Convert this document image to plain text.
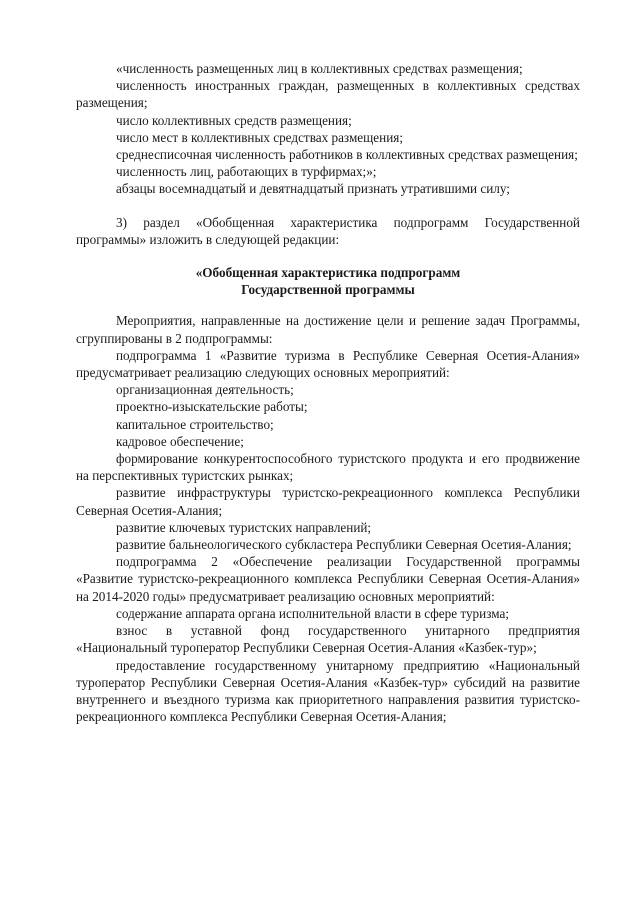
«численность размещенных лиц в коллективных средствах размещения;

численность иностранных граждан, размещенных в коллективных средствах размещения;

число коллективных средств размещения;

число мест в коллективных средствах размещения;

среднесписочная численность работников в коллективных средствах размещения;

численность лиц, работающих в турфирмах;»;

абзацы восемнадцатый и девятнадцатый признать утратившими силу;

3) раздел «Обобщенная характеристика подпрограмм Государственной программы» изложить в следующей редакции:

«Обобщенная характеристика подпрограмм

Государственной программы

Мероприятия, направленные на достижение цели и решение задач Программы, сгруппированы в 2 подпрограммы:

подпрограмма 1 «Развитие туризма в Республике Северная Осетия-Алания» предусматривает реализацию следующих основных мероприятий:

организационная деятельность;

проектно-изыскательские работы;

капитальное строительство;

кадровое обеспечение;

формирование конкурентоспособного туристского продукта и его продвижение на перспективных туристских рынках;

развитие инфраструктуры туристско-рекреационного комплекса Республики Северная Осетия-Алания;

развитие ключевых туристских направлений;

развитие бальнеологического субкластера Республики Северная Осетия-Алания;

подпрограмма 2 «Обеспечение реализации Государственной программы «Развитие туристско-рекреационного комплекса Республики Северная Осетия-Алания» на 2014-2020 годы» предусматривает реализацию основных мероприятий:

содержание аппарата органа исполнительной власти в сфере туризма;

взнос в уставной фонд государственного унитарного предприятия «Национальный туроператор Республики Северная Осетия-Алания «Казбек-тур»;

предоставление государственному унитарному предприятию «Национальный туроператор Республики Северная Осетия-Алания «Казбек-тур» субсидий на развитие внутреннего и въездного туризма как приоритетного направления развития туристско-рекреационного комплекса Республики Северная Осетия-Алания;
